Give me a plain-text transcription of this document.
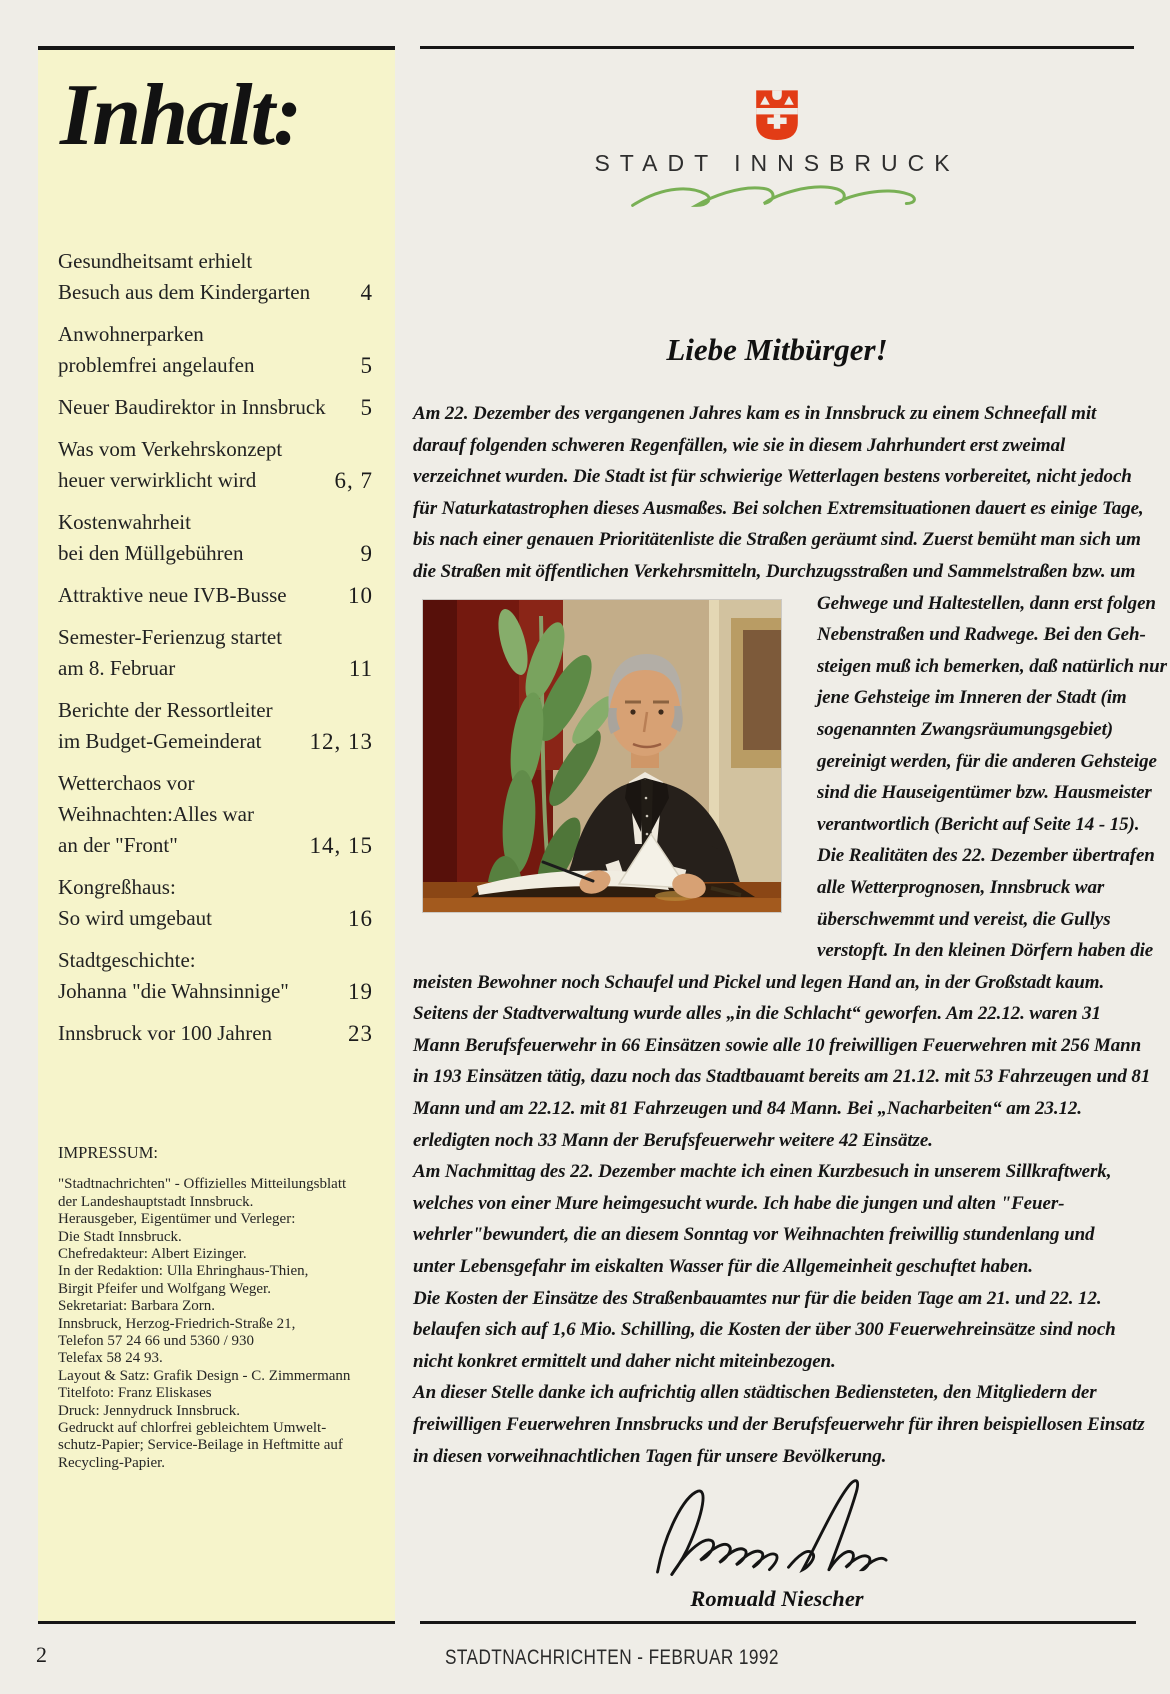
Inhalt:
Gesundheitsamt erhielt
Besuch aus dem Kindergarten	4
Anwohnerparken
problemfrei angelaufen	5
Neuer Baudirektor in Innsbruck	5
Was vom Verkehrskonzept
heuer verwirklicht wird	6, 7
Kostenwahrheit
bei den Müllgebühren	9
Attraktive neue IVB-Busse	10
Semester-Ferienzug startet
am 8. Februar	11
Berichte der Ressortleiter
im Budget-Gemeinderat	12, 13
Wetterchaos vor
Weihnachten:Alles war
an der "Front"	14, 15
Kongreßhaus:
So wird umgebaut	16
Stadtgeschichte:
Johanna "die Wahnsinnige"	19
Innsbruck vor 100 Jahren	23
IMPRESSUM:
"Stadtnachrichten" - Offizielles Mitteilungsblatt
der Landeshauptstadt Innsbruck.
Herausgeber, Eigentümer und Verleger:
Die Stadt Innsbruck.
Chefredakteur: Albert Eizinger.
In der Redaktion: Ulla Ehringhaus-Thien,
Birgit Pfeifer und Wolfgang Weger.
Sekretariat: Barbara Zorn.
Innsbruck, Herzog-Friedrich-Straße 21,
Telefon 57 24 66 und 5360 / 930
Telefax 58 24 93.
Layout & Satz: Grafik Design - C. Zimmermann
Titelfoto: Franz Eliskases
Druck: Jennydruck Innsbruck.
Gedruckt auf chlorfrei gebleichtem Umwelt-
schutz-Papier; Service-Beilage in Heftmitte auf
Recycling-Papier.
STADT INNSBRUCK
Liebe Mitbürger!
Am 22. Dezember des vergangenen Jahres kam es in Innsbruck zu einem Schneefall mit
darauf folgenden schweren Regenfällen, wie sie in diesem Jahrhundert erst zweimal
verzeichnet wurden. Die Stadt ist für schwierige Wetterlagen bestens vorbereitet, nicht jedoch
für Naturkatastrophen dieses Ausmaßes. Bei solchen Extremsituationen dauert es einige Tage,
bis nach einer genauen Prioritätenliste die Straßen geräumt sind. Zuerst bemüht man sich um
die Straßen mit öffentlichen Verkehrsmitteln, Durchzugsstraßen und Sammelstraßen bzw. um
Gehwege und Haltestellen, dann erst folgen
Nebenstraßen und Radwege. Bei den Geh-
steigen muß ich bemerken, daß natürlich nur
jene Gehsteige im Inneren der Stadt (im
sogenannten Zwangsräumungsgebiet)
gereinigt werden, für die anderen Gehsteige
sind die Hauseigentümer bzw. Hausmeister
verantwortlich (Bericht auf Seite 14 - 15).
Die Realitäten des 22. Dezember übertrafen
alle Wetterprognosen, Innsbruck war
überschwemmt und vereist, die Gullys
verstopft. In den kleinen Dörfern haben die
meisten Bewohner noch Schaufel und Pickel und legen Hand an, in der Großstadt kaum.
Seitens der Stadtverwaltung wurde alles „in die Schlacht“ geworfen. Am 22.12. waren 31
Mann Berufsfeuerwehr in 66 Einsätzen sowie alle 10 freiwilligen Feuerwehren mit 256 Mann
in 193 Einsätzen tätig, dazu noch das Stadtbauamt bereits am 21.12. mit 53 Fahrzeugen und 81
Mann und am 22.12. mit 81 Fahrzeugen und 84 Mann. Bei „Nacharbeiten“ am 23.12.
erledigten noch 33 Mann der Berufsfeuerwehr weitere 42 Einsätze.
Am Nachmittag des 22. Dezember machte ich einen Kurzbesuch in unserem Sillkraftwerk,
welches von einer Mure heimgesucht wurde. Ich habe die jungen und alten "Feuer-
wehrler"bewundert, die an diesem Sonntag vor Weihnachten freiwillig stundenlang und
unter Lebensgefahr im eiskalten Wasser für die Allgemeinheit geschuftet haben.
Die Kosten der Einsätze des Straßenbauamtes nur für die beiden Tage am 21. und 22. 12.
belaufen sich auf 1,6 Mio. Schilling, die Kosten der über 300 Feuerwehreinsätze sind noch
nicht konkret ermittelt und daher nicht miteinbezogen.
An dieser Stelle danke ich aufrichtig allen städtischen Bediensteten, den Mitgliedern der
freiwilligen Feuerwehren Innsbrucks und der Berufsfeuerwehr für ihren beispiellosen Einsatz
in diesen vorweihnachtlichen Tagen für unsere Bevölkerung.
Romuald Niescher
2	STADTNACHRICHTEN - FEBRUAR 1992
